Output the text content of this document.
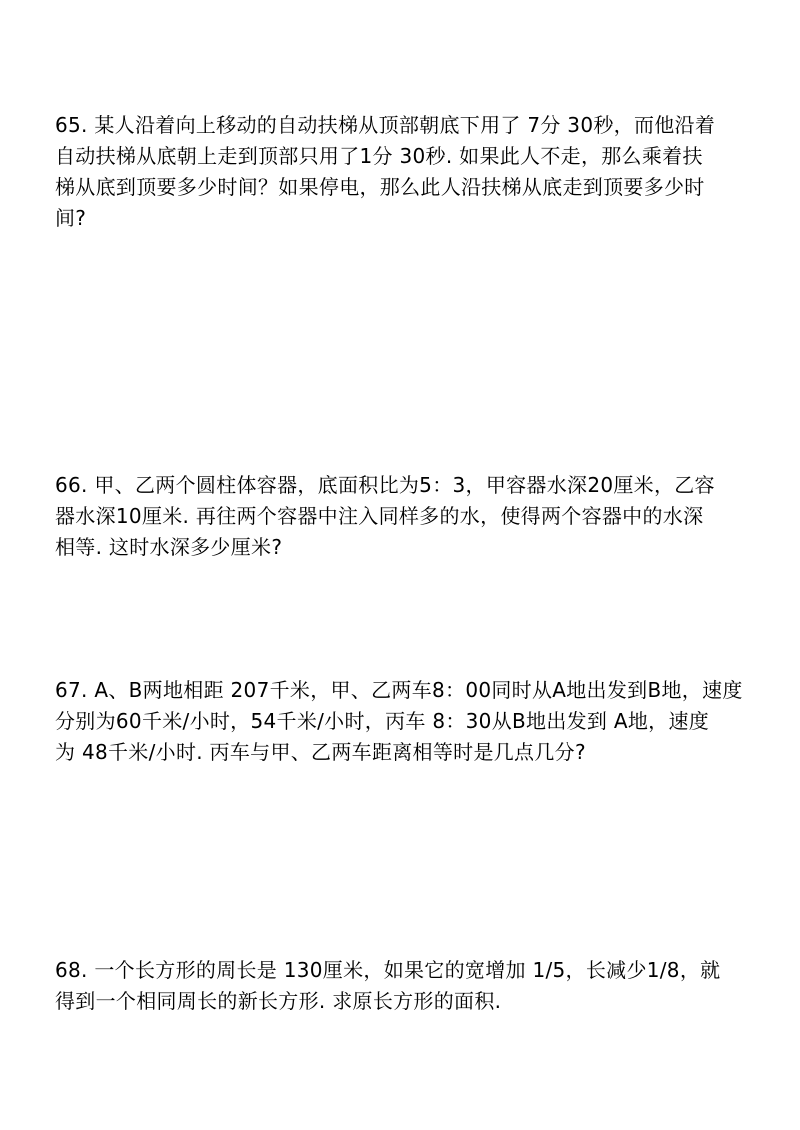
65. 某人沿着向上移动的自动扶梯从顶部朝底下用了 7分 30秒，而他沿着
自动扶梯从底朝上走到顶部只用了1分 30秒. 如果此人不走，那么乘着扶
梯从底到顶要多少时间？如果停电，那么此人沿扶梯从底走到顶要多少时
间?
66. 甲、乙两个圆柱体容器，底面积比为5：3，甲容器水深20厘米，乙容
器水深10厘米. 再往两个容器中注入同样多的水，使得两个容器中的水深
相等. 这时水深多少厘米?
67. A、B两地相距 207千米，甲、乙两车8：00同时从A地出发到B地，速度
分别为60千米/小时，54千米/小时，丙车 8：30从B地出发到 A地，速度
为 48千米/小时. 丙车与甲、乙两车距离相等时是几点几分?
68. 一个长方形的周长是 130厘米，如果它的宽增加 1/5，长减少1/8，就
得到一个相同周长的新长方形. 求原长方形的面积.
